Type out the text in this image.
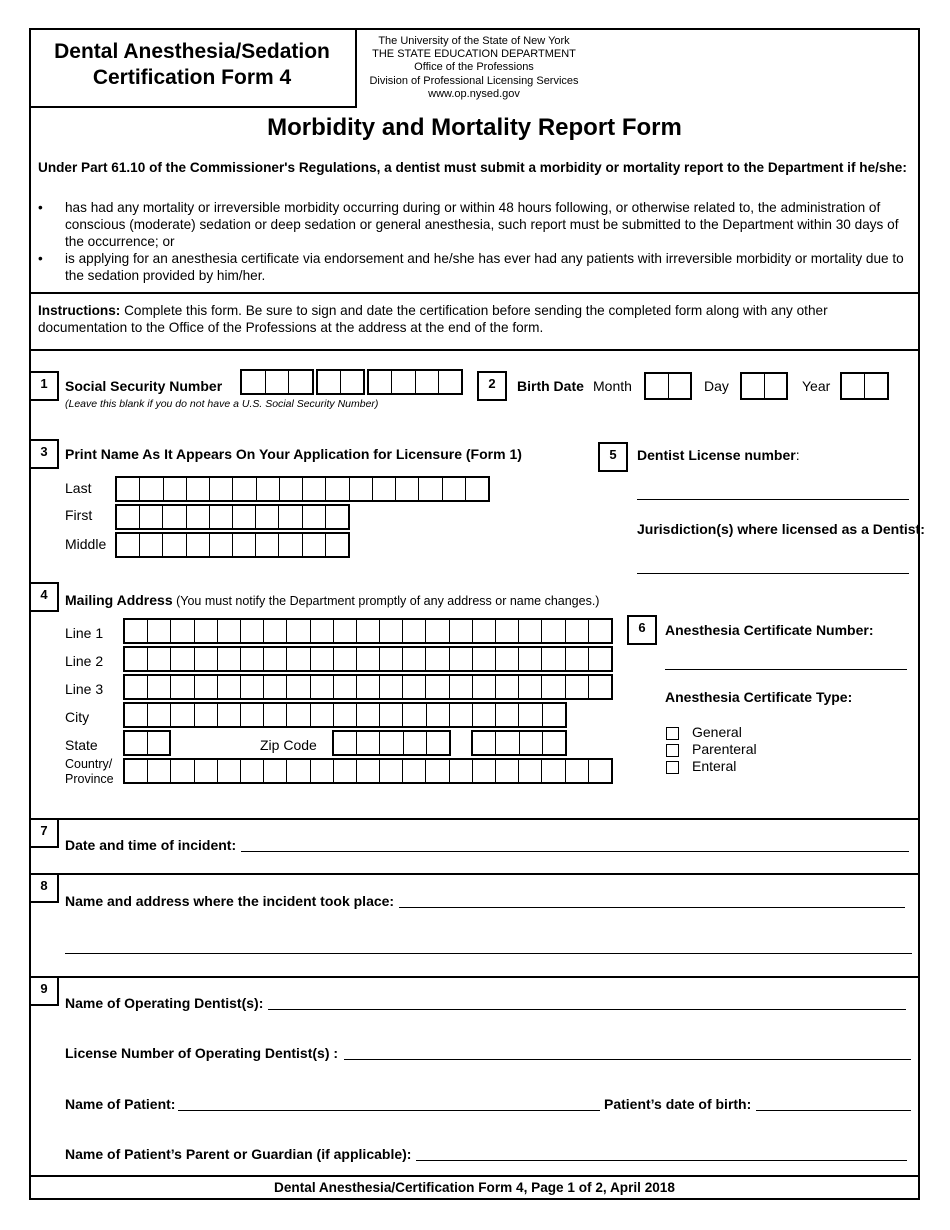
Dental Anesthesia/Sedation
Certification Form 4
The University of the State of New York
THE STATE EDUCATION DEPARTMENT
Office of the Professions
Division of Professional Licensing Services
www.op.nysed.gov
Morbidity and Mortality Report Form
Under Part 61.10 of the Commissioner's Regulations, a dentist must submit a morbidity or mortality report to the Department if he/she:
• has had any mortality or irreversible morbidity occurring during or within 48 hours following, or otherwise related to, the administration of conscious (moderate) sedation or deep sedation or general anesthesia, such report must be submitted to the Department within 30 days of the occurrence; or
• is applying for an anesthesia certificate via endorsement and he/she has ever had any patients with irreversible morbidity or mortality due to the sedation provided by him/her.
Instructions: Complete this form. Be sure to sign and date the certification before sending the completed form along with any other documentation to the Office of the Professions at the address at the end of the form.
1	Social Security Number
(Leave this blank if you do not have a U.S. Social Security Number)
2	Birth Date Month	Day	Year
3	Print Name As It Appears On Your Application for Licensure (Form 1)
Last
First
Middle
5	Dentist License number:
Jurisdiction(s) where licensed as a Dentist:
4	Mailing Address (You must notify the Department promptly of any address or name changes.)
Line 1
Line 2
Line 3
City
State	Zip Code
Country/
Province
6	Anesthesia Certificate Number:
Anesthesia Certificate Type:
General
Parenteral
Enteral
7
Date and time of incident:
8
Name and address where the incident took place:
9
Name of Operating Dentist(s):
License Number of Operating Dentist(s) :
Name of Patient:	Patient’s date of birth:
Name of Patient’s Parent or Guardian (if applicable):
Dental Anesthesia/Certification Form 4, Page 1 of 2, April 2018
